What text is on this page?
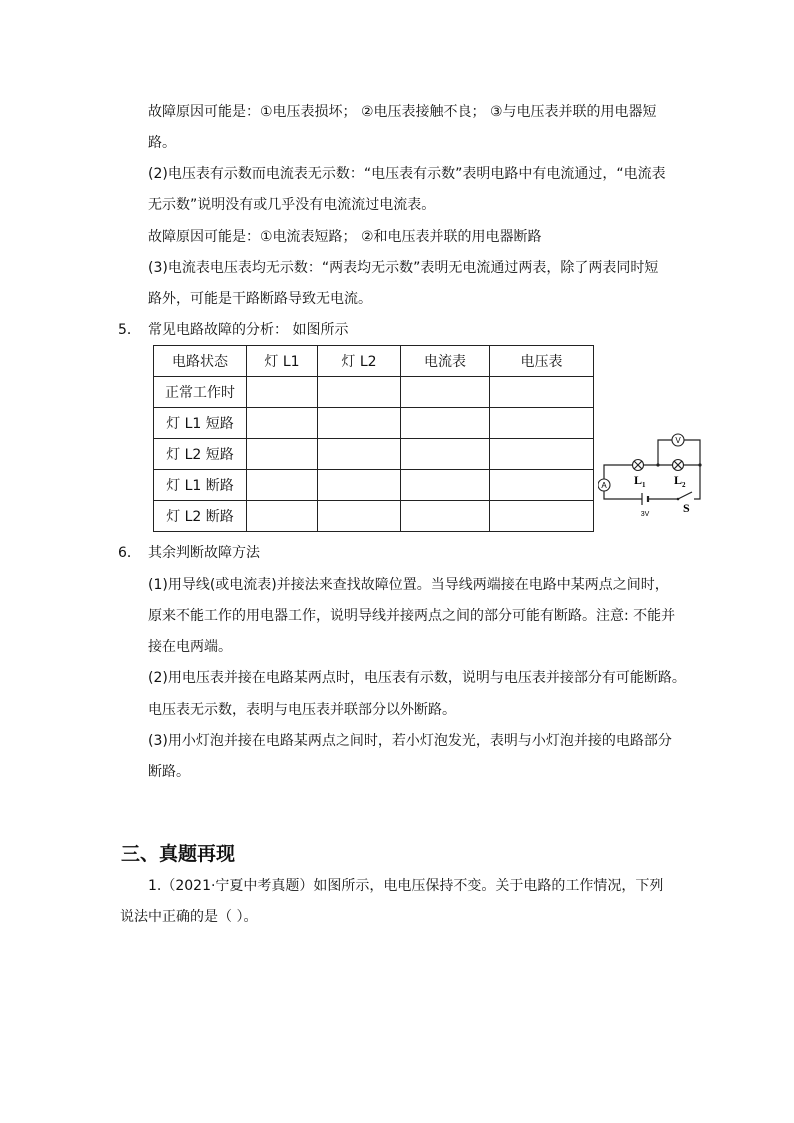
故障原因可能是：①电压表损坏； ②电压表接触不良； ③与电压表并联的用电器短
路。
(2)电压表有示数而电流表无示数：“电压表有示数”表明电路中有电流通过，“电流表
无示数”说明没有或几乎没有电流流过电流表。
故障原因可能是：①电流表短路； ②和电压表并联的用电器断路
(3)电流表电压表均无示数：“两表均无示数”表明无电流通过两表，除了两表同时短
路外，可能是干路断路导致无电流。
5． 常见电路故障的分析： 如图所示
电路状态	灯 L1	灯 L2	电流表	电压表
正常工作时				
灯 L1 短路				
灯 L2 短路				
灯 L1 断路				
灯 L2 断路				
V
A
3V
L 1 L 2
S
6． 其余判断故障方法
(1)用导线(或电流表)并接法来查找故障位置。当导线两端接在电路中某两点之间时，
原来不能工作的用电器工作，说明导线并接两点之间的部分可能有断路。注意: 不能并
接在电两端。
(2)用电压表并接在电路某两点时，电压表有示数，说明与电压表并接部分有可能断路。
电压表无示数，表明与电压表并联部分以外断路。
(3)用小灯泡并接在电路某两点之间时，若小灯泡发光，表明与小灯泡并接的电路部分
断路。
三、真题再现
1.（2021·宁夏中考真题）如图所示，电电压保持不变。关于电路的工作情况，下列
说法中正确的是（ ）。
